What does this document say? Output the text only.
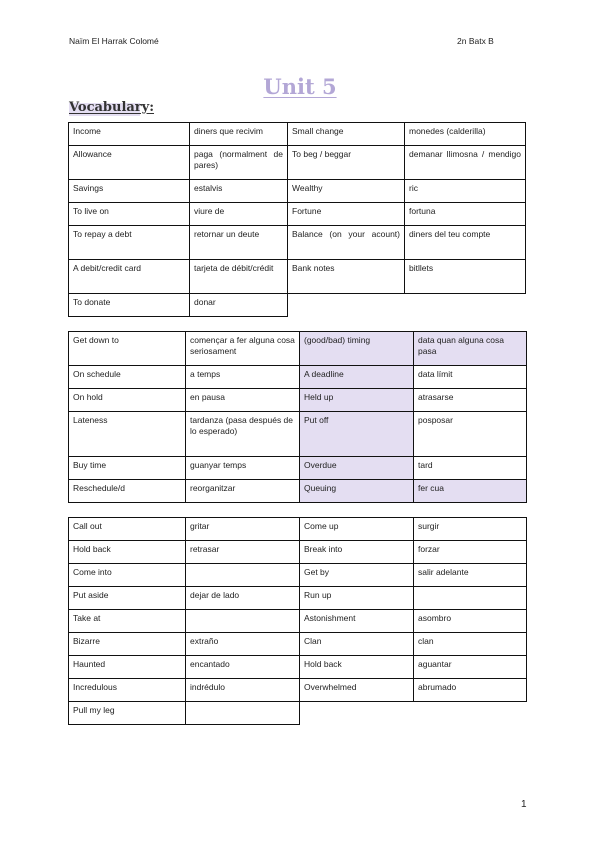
Naïm El Harrak Colomé	2n Batx B
Unit 5
Vocabulary:
Income	diners que recivim	Small change	monedes (calderilla)
Allowance	paga (normalment de pares)	To beg / beggar	demanar llimosna / mendigo
Savings	estalvis	Wealthy	ric
To live on	viure de	Fortune	fortuna
To repay a debt	retornar un deute	Balance (on your acount)	diners del teu compte
A debit/credit card	tarjeta de débit/crédit	Bank notes	bitllets
To donate	donar		
Get down to	començar a fer alguna cosa seriosament	(good/bad) timing	data quan alguna cosa pasa
On schedule	a temps	A deadline	data límit
On hold	en pausa	Held up	atrasarse
Lateness	tardanza (pasa después de lo esperado)	Put off	posposar
Buy time	guanyar temps	Overdue	tard
Reschedule/d	reorganitzar	Queuing	fer cua
Call out	gritar	Come up	surgir
Hold back	retrasar	Break into	forzar
Come into		Get by	salir adelante
Put aside	dejar de lado	Run up	
Take at		Astonishment	asombro
Bizarre	extraño	Clan	clan
Haunted	encantado	Hold back	aguantar
Incredulous	indrédulo	Overwhelmed	abrumado
Pull my leg			
1
